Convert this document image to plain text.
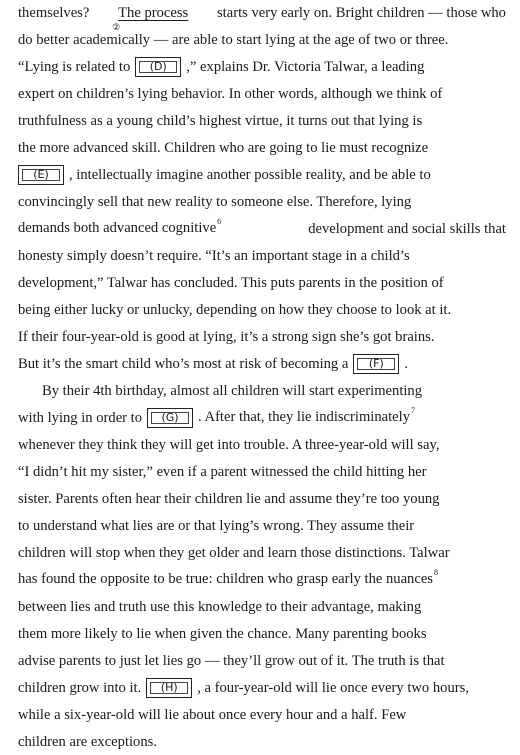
themselves? The process
②
starts very early on. Bright children — those who
do better academically — are able to start lying at the age of two or three.
“Lying is related to	(D)	,” explains Dr. Victoria Talwar, a leading
expert on children’s lying behavior. In other words, although we think of
truthfulness as a young child’s highest virtue, it turns out that lying is
the more advanced skill. Children who are going to lie must recognize
(E)	, intellectually imagine another possible reality, and be able to
convincingly sell that new reality to someone else. Therefore, lying
demands both advanced cognitive$^6$	development and social skills that
honesty simply doesn’t require. “It’s an important stage in a child’s
development,” Talwar has concluded. This puts parents in the position of
being either lucky or unlucky, depending on how they choose to look at it.
If their four-year-old is good at lying, it’s a strong sign she’s got brains.
But it’s the smart child who’s most at risk of becoming a	(F)	.
By their 4th birthday, almost all children will start experimenting
with lying in order to	(G)	. After that, they lie indiscriminately$^7$
whenever they think they will get into trouble. A three-year-old will say,
“I didn’t hit my sister,” even if a parent witnessed the child hitting her
sister. Parents often hear their children lie and assume they’re too young
to understand what lies are or that lying’s wrong. They assume their
children will stop when they get older and learn those distinctions. Talwar
has found the opposite to be true: children who grasp early the nuances$^8$
between lies and truth use this knowledge to their advantage, making
them more likely to lie when given the chance. Many parenting books
advise parents to just let lies go — they’ll grow out of it. The truth is that
children grow into it.	(H)	, a four-year-old will lie once every two hours,
while a six-year-old will lie about once every hour and a half. Few
children are exceptions.
